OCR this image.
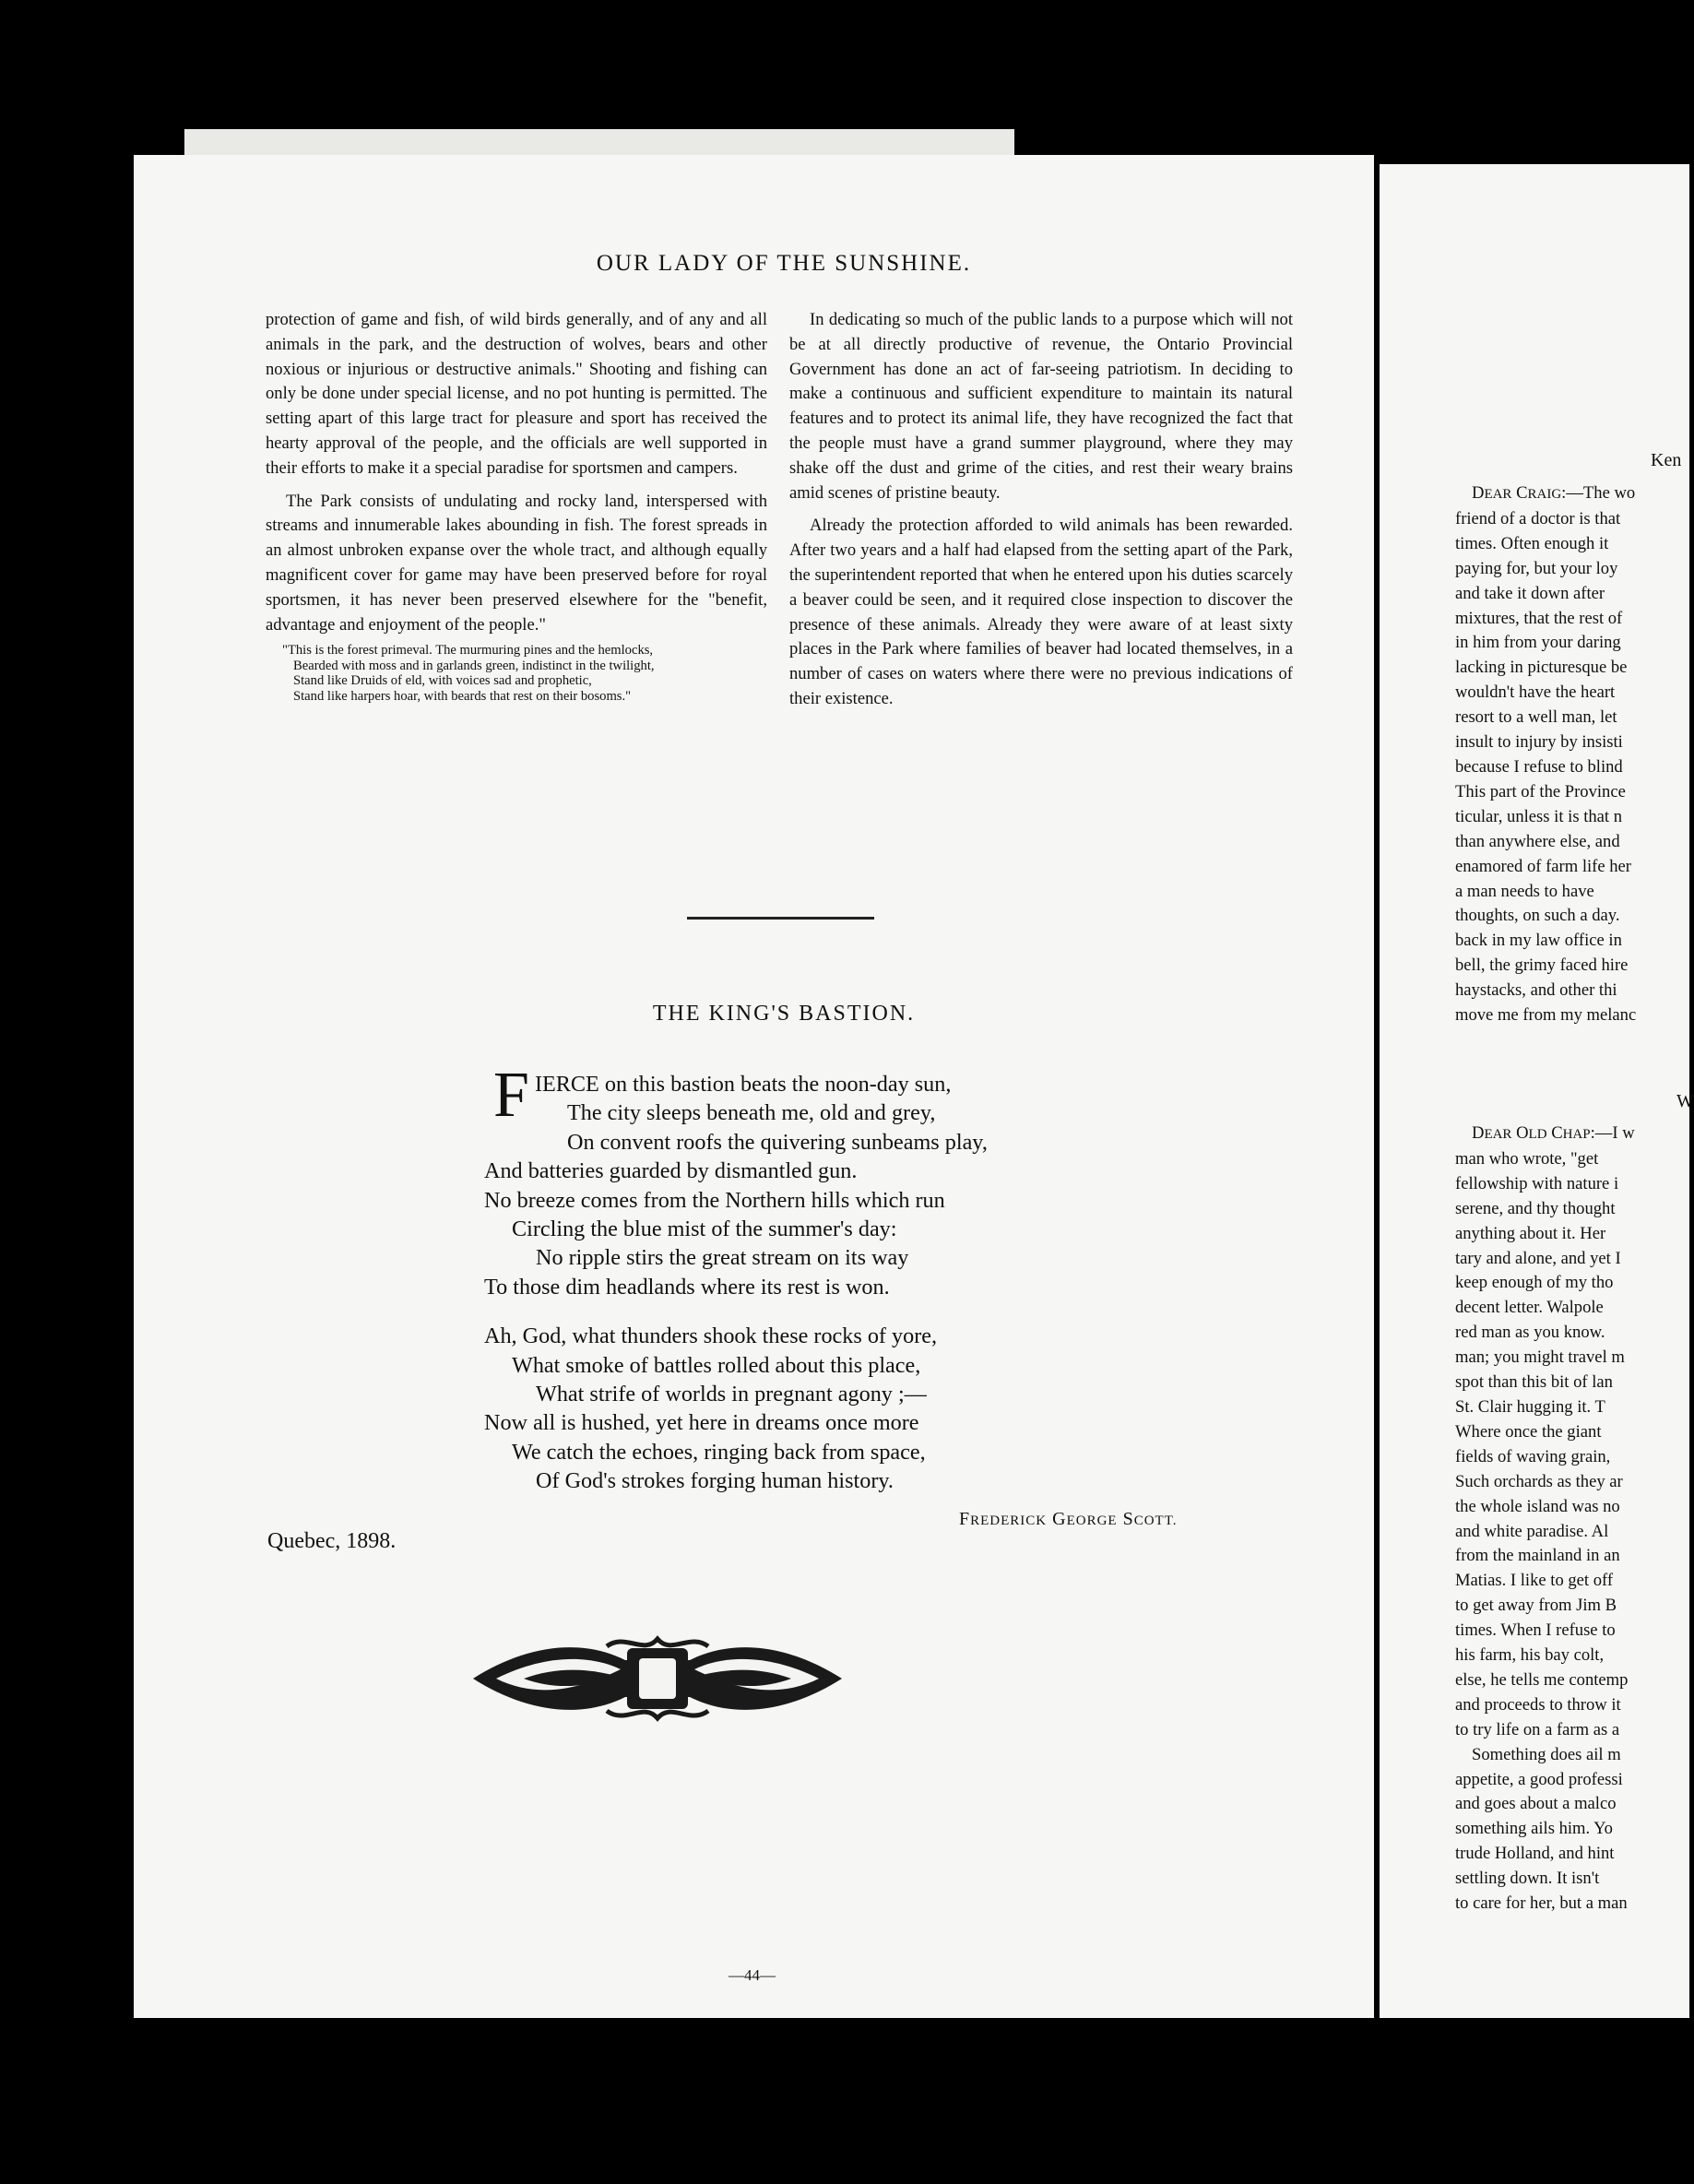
OUR LADY OF THE SUNSHINE.

protection of game and fish, of wild birds generally, and of any and all animals in the park, and the destruction of wolves, bears and other noxious or injurious or destructive animals." Shooting and fishing can only be done under special license, and no pot hunting is permitted. The setting apart of this large tract for pleasure and sport has received the hearty approval of the people, and the officials are well supported in their efforts to make it a special paradise for sportsmen and campers.

The Park consists of undulating and rocky land, interspersed with streams and innumerable lakes abounding in fish. The forest spreads in an almost unbroken expanse over the whole tract, and although equally magnificent cover for game may have been preserved before for royal sportsmen, it has never been preserved elsewhere for the "benefit, advantage and enjoyment of the people."

"This is the forest primeval. The murmuring pines and the hemlocks,
Bearded with moss and in garlands green, indistinct in the twilight,
Stand like Druids of eld, with voices sad and prophetic,
Stand like harpers hoar, with beards that rest on their bosoms."

In dedicating so much of the public lands to a purpose which will not be at all directly productive of revenue, the Ontario Provincial Government has done an act of far-seeing patriotism. In deciding to make a continuous and sufficient expenditure to maintain its natural features and to protect its animal life, they have recognized the fact that the people must have a grand summer playground, where they may shake off the dust and grime of the cities, and rest their weary brains amid scenes of pristine beauty.

Already the protection afforded to wild animals has been rewarded. After two years and a half had elapsed from the setting apart of the Park, the superintendent reported that when he entered upon his duties scarcely a beaver could be seen, and it required close inspection to discover the presence of these animals. Already they were aware of at least sixty places in the Park where families of beaver had located themselves, in a number of cases on waters where there were no previous indications of their existence.

THE KING'S BASTION.
FIERCE on this bastion beats the noon-day sun,
The city sleeps beneath me, old and grey,
On convent roofs the quivering sunbeams play,
And batteries guarded by dismantled gun.
No breeze comes from the Northern hills which run
Circling the blue mist of the summer's day:
No ripple stirs the great stream on its way
To those dim headlands where its rest is won.
Ah, God, what thunders shook these rocks of yore,
What smoke of battles rolled about this place,
What strife of worlds in pregnant agony ;—
Now all is hushed, yet here in dreams once more
We catch the echoes, ringing back from space,
Of God's strokes forging human history.
FREDERICK GEORGE SCOTT.
Quebec, 1898.
—44—
Ken
DEAR CRAIG:—The wo
friend of a doctor is that
times. Often enough it
paying for, but your loy
and take it down after
mixtures, that the rest of
in him from your daring
lacking in picturesque be
wouldn't have the heart
resort to a well man, let
insult to injury by insisti
because I refuse to blind
This part of the Province
ticular, unless it is that n
than anywhere else, and
enamored of farm life her
a man needs to have
thoughts, on such a day.
back in my law office in
bell, the grimy faced hire
haystacks, and other thi
move me from my melanc
W
DEAR OLD CHAP:—I w
man who wrote, "get
fellowship with nature i
serene, and thy thought
anything about it. Her
tary and alone, and yet I
keep enough of my tho
decent letter. Walpole
red man as you know.
man; you might travel m
spot than this bit of lan
St. Clair hugging it. T
Where once the giant
fields of waving grain,
Such orchards as they ar
the whole island was no
and white paradise. Al
from the mainland in an
Matias. I like to get off
to get away from Jim B
times. When I refuse to
his farm, his bay colt,
else, he tells me contemp
and proceeds to throw it
to try life on a farm as a
Something does ail m
appetite, a good professi
and goes about a malco
something ails him. Yo
trude Holland, and hint
settling down. It isn't
to care for her, but a man
